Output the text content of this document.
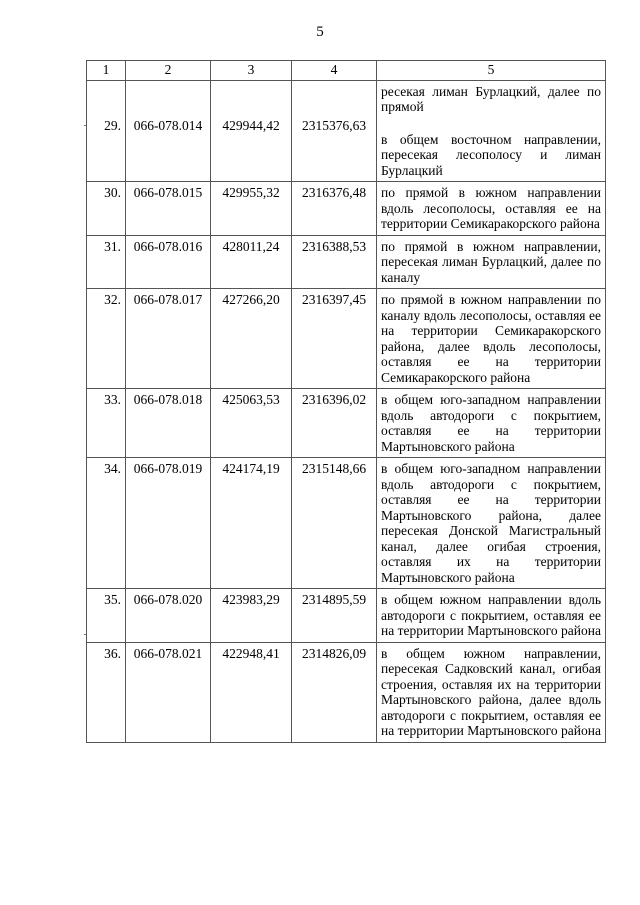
5
1	2	3	4	5

29.	066-078.014	429944,42	2315376,63	ресекая лиман Бурлацкий, далее по прямой
в общем восточном направлении, пересекая лесополосу и лиман Бурлацкий
30.	066-078.015	429955,32	2316376,48	по прямой в южном направлении вдоль лесополосы, оставляя ее на территории Семикаракорского района
31.	066-078.016	428011,24	2316388,53	по прямой в южном направлении, пересекая лиман Бурлацкий, далее по каналу
32.	066-078.017	427266,20	2316397,45	по прямой в южном направлении по каналу вдоль лесополосы, оставляя ее на территории Семикаракорского района, далее вдоль лесополосы, оставляя ее на территории Семикаракорского района
33.	066-078.018	425063,53	2316396,02	в общем юго-западном направлении вдоль автодороги с покрытием, оставляя ее на территории Мартыновского района
34.	066-078.019	424174,19	2315148,66	в общем юго-западном направлении вдоль автодороги с покрытием, оставляя ее на территории Мартыновского района, далее пересекая Донской Магистральный канал, далее огибая строения, оставляя их на территории Мартыновского района
35.	066-078.020	423983,29	2314895,59	в общем южном направлении вдоль автодороги с покрытием, оставляя ее на территории Мартыновского района
36.	066-078.021	422948,41	2314826,09	в общем южном направлении, пересекая Садковский канал, огибая строения, оставляя их на территории Мартыновского района, далее вдоль автодороги с покрытием, оставляя ее на территории Мартыновского района
